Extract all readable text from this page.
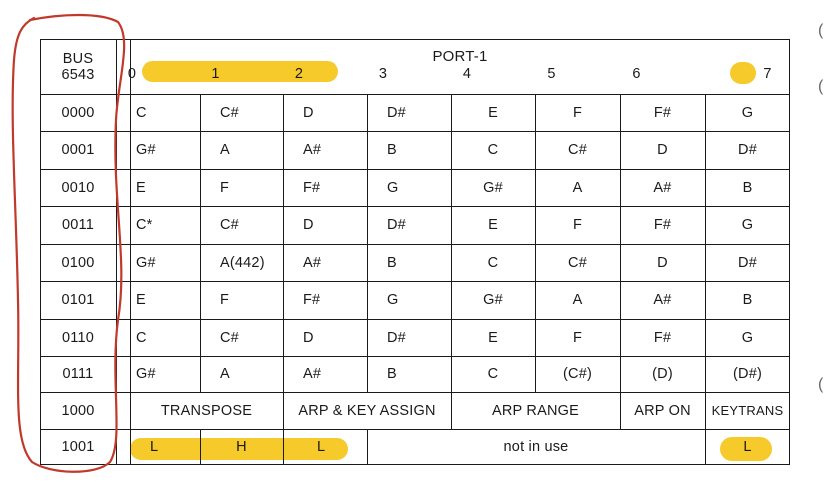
BUS
6543
PORT-1
0	1	2	3	4	5	6	7
0000	C	C#	D	D#	E	F	F#	G
0001	G#	A	A#	B	C	C#	D	D#
0010	E	F	F#	G	G#	A	A#	B
0011	C*	C#	D	D#	E	F	F#	G
0100	G#	A(442)	A#	B	C	C#	D	D#
0101	E	F	F#	G	G#	A	A#	B
0110	C	C#	D	D#	E	F	F#	G
0111	G#	A	A#	B	C	(C#)	(D)	(D#)
1000	TRANSPOSE	ARP & KEY ASSIGN	ARP RANGE	ARP ON	KEYTRANS
1001	L	H	L	not in use	L
(
(
(
